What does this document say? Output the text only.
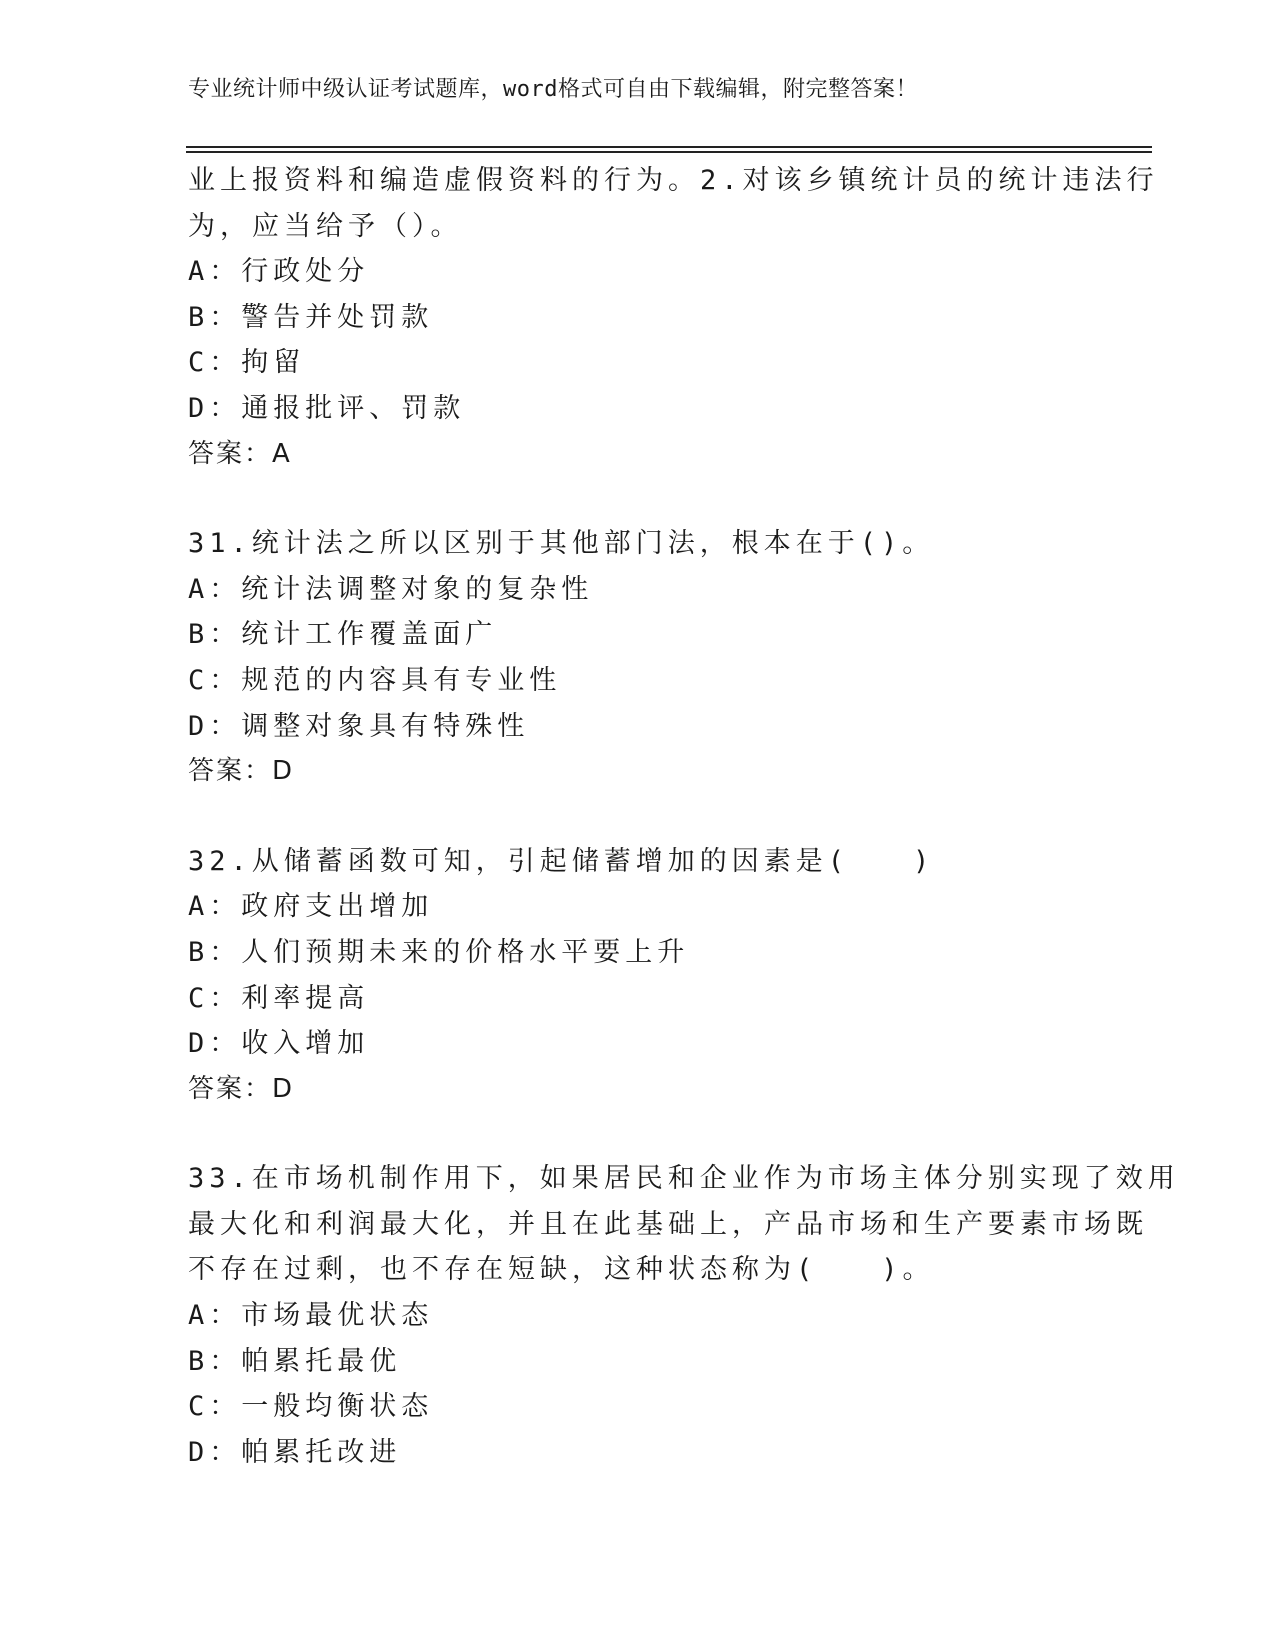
专业统计师中级认证考试题库，word格式可自由下载编辑，附完整答案！
业上报资料和编造虚假资料的行为。2.对该乡镇统计员的统计违法行
为，应当给予（）。
A：行政处分
B：警告并处罚款
C：拘留
D：通报批评、罚款
答案：A
31.统计法之所以区别于其他部门法，根本在于()。
A：统计法调整对象的复杂性
B：统计工作覆盖面广
C：规范的内容具有专业性
D：调整对象具有特殊性
答案：D
32.从储蓄函数可知，引起储蓄增加的因素是(　　)
A：政府支出增加
B：人们预期未来的价格水平要上升
C：利率提高
D：收入增加
答案：D
33.在市场机制作用下，如果居民和企业作为市场主体分别实现了效用
最大化和利润最大化，并且在此基础上，产品市场和生产要素市场既
不存在过剩，也不存在短缺，这种状态称为(　　)。
A：市场最优状态
B：帕累托最优
C：一般均衡状态
D：帕累托改进
